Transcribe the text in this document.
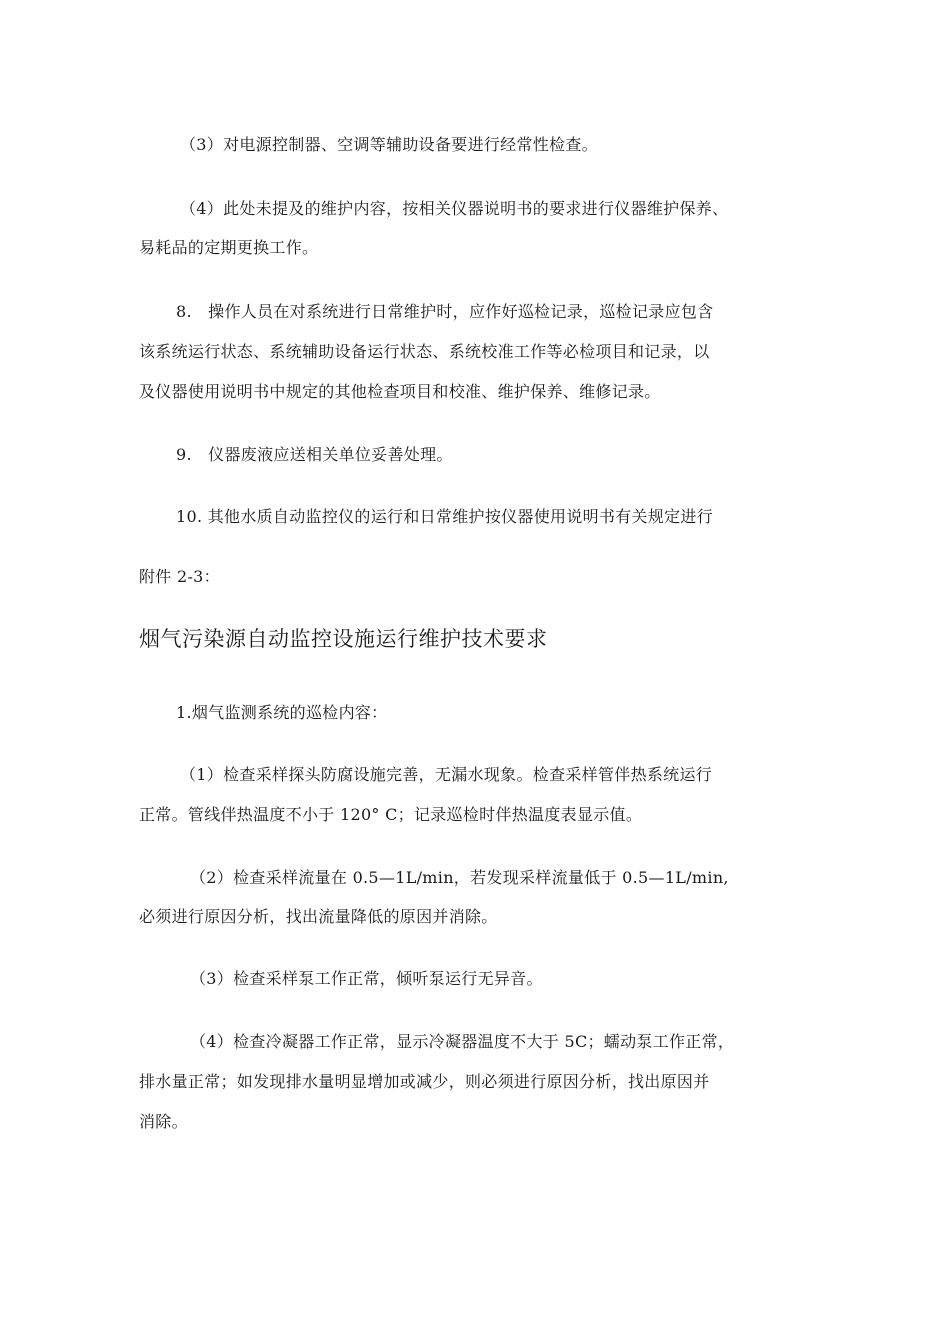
（3）对电源控制器、空调等辅助设备要进行经常性检查。
（4）此处未提及的维护内容，按相关仪器说明书的要求进行仪器维护保养、
易耗品的定期更换工作。
8.　操作人员在对系统进行日常维护时，应作好巡检记录，巡检记录应包含
该系统运行状态、系统辅助设备运行状态、系统校准工作等必检项目和记录，以
及仪器使用说明书中规定的其他检查项目和校准、维护保养、维修记录。
9.　仪器废液应送相关单位妥善处理。
10. 其他水质自动监控仪的运行和日常维护按仪器使用说明书有关规定进行
附件 2-3：
烟气污染源自动监控设施运行维护技术要求
1.烟气监测系统的巡检内容：
（1）检查采样探头防腐设施完善，无漏水现象。检查采样管伴热系统运行
正常。管线伴热温度不小于 120° C；记录巡检时伴热温度表显示值。
（2）检查采样流量在 0.5—1L/min，若发现采样流量低于 0.5—1L/min,
必须进行原因分析，找出流量降低的原因并消除。
（3）检查采样泵工作正常，倾听泵运行无异音。
（4）检查冷凝器工作正常，显示冷凝器温度不大于 5C；蠕动泵工作正常，
排水量正常；如发现排水量明显增加或减少，则必须进行原因分析，找出原因并
消除。
